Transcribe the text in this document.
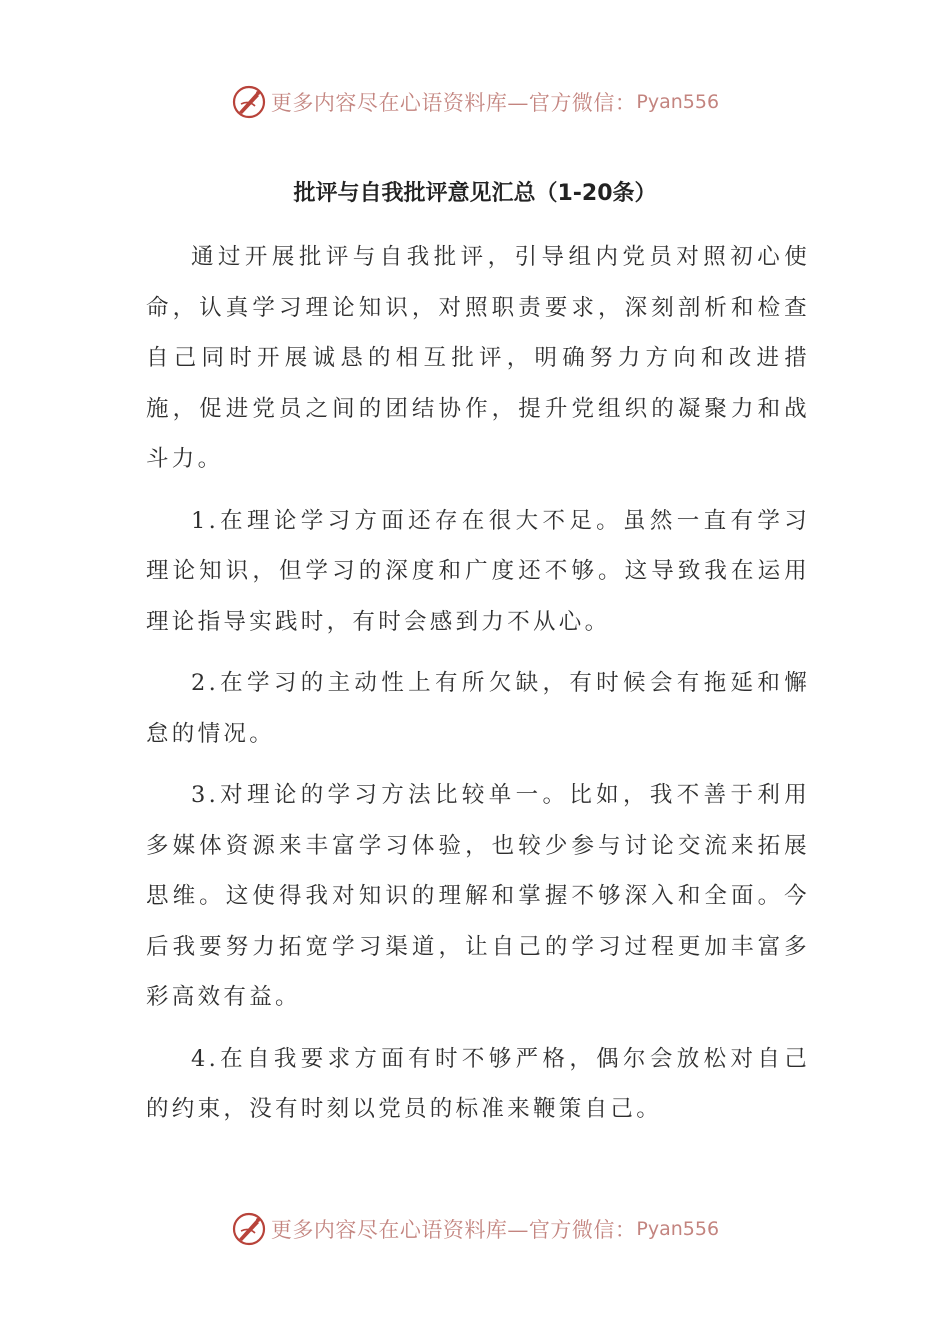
更多内容尽在心语资料库—官方微信： Pyan556
批评与自我批评意见汇总（1-20条）

通过开展批评与自我批评，引导组内党员对照初心使命，认真学习理论知识，对照职责要求，深刻剖析和检查自己同时开展诚恳的相互批评，明确努力方向和改进措施，促进党员之间的团结协作，提升党组织的凝聚力和战斗力。

1.在理论学习方面还存在很大不足。虽然一直有学习理论知识，但学习的深度和广度还不够。这导致我在运用理论指导实践时，有时会感到力不从心。

2.在学习的主动性上有所欠缺，有时候会有拖延和懈怠的情况。

3.对理论的学习方法比较单一。比如，我不善于利用多媒体资源来丰富学习体验，也较少参与讨论交流来拓展思维。这使得我对知识的理解和掌握不够深入和全面。今后我要努力拓宽学习渠道，让自己的学习过程更加丰富多彩高效有益。

4.在自我要求方面有时不够严格，偶尔会放松对自己的约束，没有时刻以党员的标准来鞭策自己。

更多内容尽在心语资料库—官方微信： Pyan556
